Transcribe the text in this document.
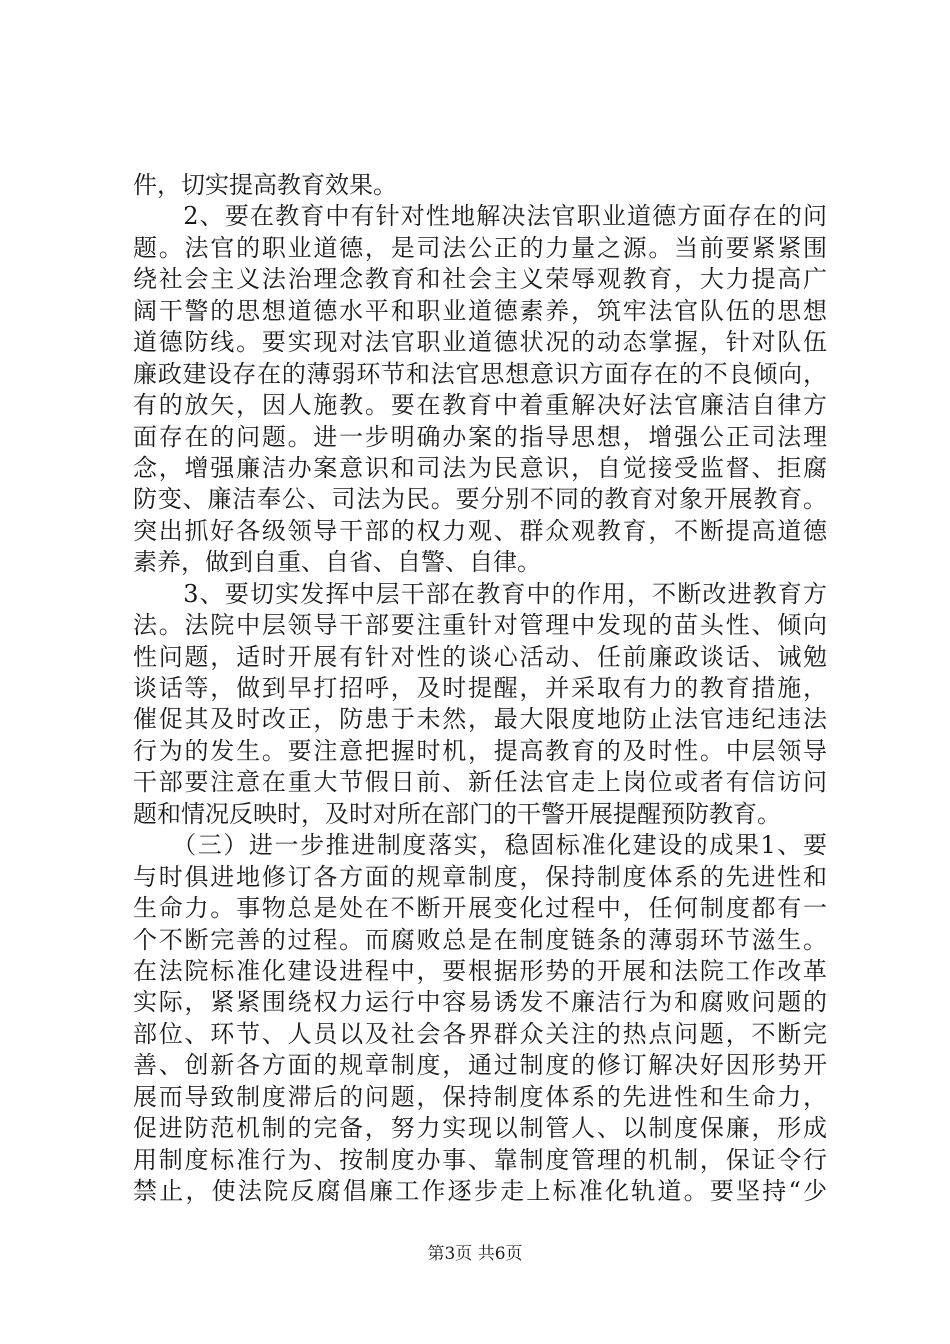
件，切实提高教育效果。
　　2、要在教育中有针对性地解决法官职业道德方面存在的问
题。法官的职业道德，是司法公正的力量之源。当前要紧紧围
绕社会主义法治理念教育和社会主义荣辱观教育，大力提高广
阔干警的思想道德水平和职业道德素养，筑牢法官队伍的思想
道德防线。要实现对法官职业道德状况的动态掌握，针对队伍
廉政建设存在的薄弱环节和法官思想意识方面存在的不良倾向，
有的放矢，因人施教。要在教育中着重解决好法官廉洁自律方
面存在的问题。进一步明确办案的指导思想，增强公正司法理
念，增强廉洁办案意识和司法为民意识，自觉接受监督、拒腐
防变、廉洁奉公、司法为民。要分别不同的教育对象开展教育。
突出抓好各级领导干部的权力观、群众观教育，不断提高道德
素养，做到自重、自省、自警、自律。
　　3、要切实发挥中层干部在教育中的作用，不断改进教育方
法。法院中层领导干部要注重针对管理中发现的苗头性、倾向
性问题，适时开展有针对性的谈心活动、任前廉政谈话、诫勉
谈话等，做到早打招呼，及时提醒，并采取有力的教育措施，
催促其及时改正，防患于未然，最大限度地防止法官违纪违法
行为的发生。要注意把握时机，提高教育的及时性。中层领导
干部要注意在重大节假日前、新任法官走上岗位或者有信访问
题和情况反映时，及时对所在部门的干警开展提醒预防教育。
　　（三）进一步推进制度落实，稳固标准化建设的成果1、要
与时俱进地修订各方面的规章制度，保持制度体系的先进性和
生命力。事物总是处在不断开展变化过程中，任何制度都有一
个不断完善的过程。而腐败总是在制度链条的薄弱环节滋生。
在法院标准化建设进程中，要根据形势的开展和法院工作改革
实际，紧紧围绕权力运行中容易诱发不廉洁行为和腐败问题的
部位、环节、人员以及社会各界群众关注的热点问题，不断完
善、创新各方面的规章制度，通过制度的修订解决好因形势开
展而导致制度滞后的问题，保持制度体系的先进性和生命力，
促进防范机制的完备，努力实现以制管人、以制度保廉，形成
用制度标准行为、按制度办事、靠制度管理的机制，保证令行
禁止，使法院反腐倡廉工作逐步走上标准化轨道。要坚持“少
第3页 共6页
